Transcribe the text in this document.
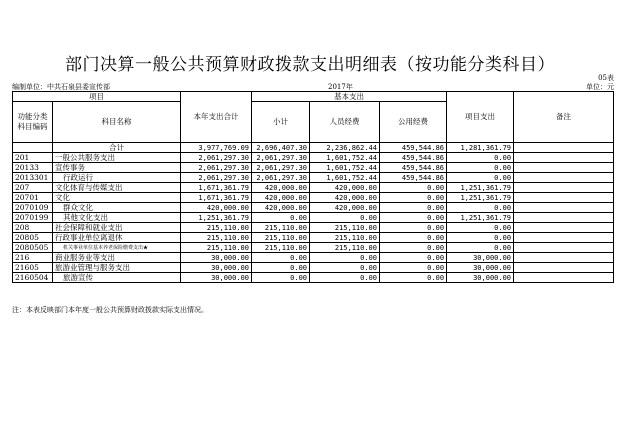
部门决算一般公共预算财政拨款支出明细表（按功能分类科目）
05表
编制单位：中共石泉县委宣传部	2017年	单位：元
项目		本年支出合计	基本支出			项目支出	备注
功能分类科目编码	科目名称		小计	人员经费	公用经费		

	合计	3,977,769.09	2,696,407.30	2,236,862.44	459,544.86	1,281,361.79	
201	一般公共服务支出	2,061,297.30	2,061,297.30	1,601,752.44	459,544.86	0.00	
20133	宣传事务	2,061,297.30	2,061,297.30	1,601,752.44	459,544.86	0.00	
2013301	行政运行	2,061,297.30	2,061,297.30	1,601,752.44	459,544.86	0.00	
207	文化体育与传媒支出	1,671,361.79	420,000.00	420,000.00	0.00	1,251,361.79	
20701	文化	1,671,361.79	420,000.00	420,000.00	0.00	1,251,361.79	
2070109	群众文化	420,000.00	420,000.00	420,000.00	0.00	0.00	
2070199	其他文化支出	1,251,361.79	0.00	0.00	0.00	1,251,361.79	
208	社会保障和就业支出	215,110.00	215,110.00	215,110.00	0.00	0.00	
20805	行政事业单位离退休	215,110.00	215,110.00	215,110.00	0.00	0.00	
2080505	机关事业单位基本养老保险缴费支出★	215,110.00	215,110.00	215,110.00	0.00	0.00	
216	商业服务业等支出	30,000.00	0.00	0.00	0.00	30,000.00	
21605	旅游业管理与服务支出	30,000.00	0.00	0.00	0.00	30,000.00	
2160504	旅游宣传	30,000.00	0.00	0.00	0.00	30,000.00	
注：本表反映部门本年度一般公共预算财政拨款实际支出情况。
